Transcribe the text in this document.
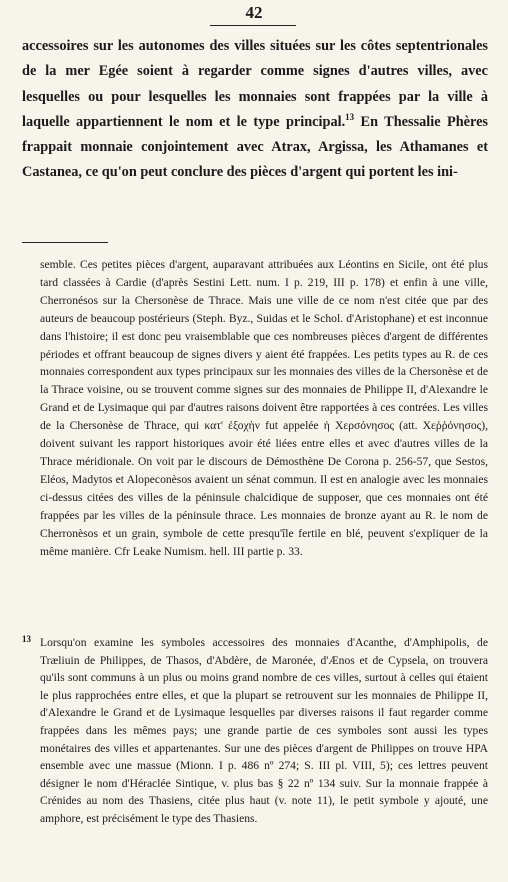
42

accessoires sur les autonomes des villes situées sur les côtes septentrionales de la mer Egée soient à regarder comme signes d'autres villes, avec lesquelles ou pour lesquelles les monnaies sont frappées par la ville à laquelle appartiennent le nom et le type principal.$^{13}$ En Thessalie Phères frappait monnaie conjointement avec Atrax, Argissa, les Athamanes et Castanea, ce qu'on peut conclure des pièces d'argent qui portent les ini-

semble. Ces petites pièces d'argent, auparavant attribuées aux Léontins en Sicile, ont été plus tard classées à Cardie (d'après Sestini Lett. num. I p. 219, III p. 178) et enfin à une ville, Cherronésos sur la Chersonèse de Thrace. Mais une ville de ce nom n'est citée que par des auteurs de beaucoup postérieurs (Steph. Byz., Suidas et le Schol. d'Aristophane) et est inconnue dans l'histoire; il est donc peu vraisemblable que ces nombreuses pièces d'argent de différentes périodes et offrant beaucoup de signes divers y aient été frappées. Les petits types au R. de ces monnaies correspondent aux types principaux sur les monnaies des villes de la Chersonèse et de la Thrace voisine, ou se trouvent comme signes sur des monnaies de Philippe II, d'Alexandre le Grand et de Lysimaque qui par d'autres raisons doivent être rapportées à ces contrées. Les villes de la Chersonèse de Thrace, qui κατ' ἐξοχὴν fut appelée ἡ Χερσόνησος (att. Χεῤῥόνησος), doivent suivant les rapport historiques avoir été liées entre elles et avec d'autres villes de la Thrace méridionale. On voit par le discours de Démosthène De Corona p. 256-57, que Sestos, Eléos, Madytos et Alopeconèsos avaient un sénat commun. Il est en analogie avec les monnaies ci-dessus citées des villes de la péninsule chalcidique de supposer, que ces monnaies ont été frappées par les villes de la péninsule thrace. Les monnaies de bronze ayant au R. le nom de Cherronèsos et un grain, symbole de cette presqu'île fertile en blé, peuvent s'expliquer de la même manière. Cfr Leake Numism. hell. III partie p. 33.

13 Lorsqu'on examine les symboles accessoires des monnaies d'Acanthe, d'Amphipolis, de Træliuin de Philippes, de Thasos, d'Abdère, de Maronée, d'Ænos et de Cypsela, on trouvera qu'ils sont communs à un plus ou moins grand nombre de ces villes, surtout à celles qui étaient le plus rapprochées entre elles, et que la plupart se retrouvent sur les monnaies de Philippe II, d'Alexandre le Grand et de Lysimaque lesquelles par diverses raisons il faut regarder comme frappées dans les mêmes pays; une grande partie de ces symboles sont aussi les types monétaires des villes et appartenantes. Sur une des pièces d'argent de Philippes on trouve HPA ensemble avec une massue (Mionn. I p. 486 nº 274; S. III pl. VIII, 5); ces lettres peuvent désigner le nom d'Héraclée Sintique, v. plus bas § 22 nº 134 suiv. Sur la monnaie frappée à Crénides au nom des Thasiens, citée plus haut (v. note 11), le petit symbole y ajouté, une amphore, est précisément le type des Thasiens.
